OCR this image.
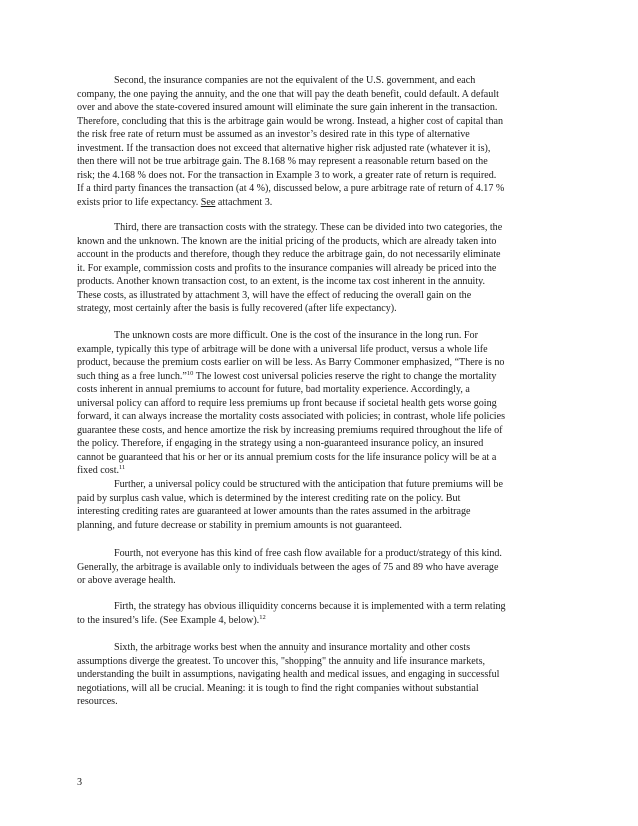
Second, the insurance companies are not the equivalent of the U.S. government, and each
company, the one paying the annuity, and the one that will pay the death benefit, could default. A default
over and above the state-covered insured amount will eliminate the sure gain inherent in the transaction.
Therefore, concluding that this is the arbitrage gain would be wrong. Instead, a higher cost of capital than
the risk free rate of return must be assumed as an investor’s desired rate in this type of alternative
investment. If the transaction does not exceed that alternative higher risk adjusted rate (whatever it is),
then there will not be true arbitrage gain. The 8.168 % may represent a reasonable return based on the
risk; the 4.168 % does not. For the transaction in Example 3 to work, a greater rate of return is required.
If a third party finances the transaction (at 4 %), discussed below, a pure arbitrage rate of return of 4.17 %
exists prior to life expectancy. See attachment 3.

Third, there are transaction costs with the strategy. These can be divided into two categories, the
known and the unknown. The known are the initial pricing of the products, which are already taken into
account in the products and therefore, though they reduce the arbitrage gain, do not necessarily eliminate
it. For example, commission costs and profits to the insurance companies will already be priced into the
products. Another known transaction cost, to an extent, is the income tax cost inherent in the annuity.
These costs, as illustrated by attachment 3, will have the effect of reducing the overall gain on the
strategy, most certainly after the basis is fully recovered (after life expectancy).

The unknown costs are more difficult. One is the cost of the insurance in the long run. For
example, typically this type of arbitrage will be done with a universal life product, versus a whole life
product, because the premium costs earlier on will be less. As Barry Commoner emphasized, “There is no
such thing as a free lunch.”$^{10}$ The lowest cost universal policies reserve the right to change the mortality
costs inherent in annual premiums to account for future, bad mortality experience. Accordingly, a
universal policy can afford to require less premiums up front because if societal health gets worse going
forward, it can always increase the mortality costs associated with policies; in contrast, whole life policies
guarantee these costs, and hence amortize the risk by increasing premiums required throughout the life of
the policy. Therefore, if engaging in the strategy using a non-guaranteed insurance policy, an insured
cannot be guaranteed that his or her or its annual premium costs for the life insurance policy will be at a
fixed cost.$^{11}$

Further, a universal policy could be structured with the anticipation that future premiums will be
paid by surplus cash value, which is determined by the interest crediting rate on the policy. But
interesting crediting rates are guaranteed at lower amounts than the rates assumed in the arbitrage
planning, and future decrease or stability in premium amounts is not guaranteed.

Fourth, not everyone has this kind of free cash flow available for a product/strategy of this kind.
Generally, the arbitrage is available only to individuals between the ages of 75 and 89 who have average
or above average health.

Firth, the strategy has obvious illiquidity concerns because it is implemented with a term relating
to the insured’s life. (See Example 4, below).$^{12}$

Sixth, the arbitrage works best when the annuity and insurance mortality and other costs
assumptions diverge the greatest. To uncover this, "shopping" the annuity and life insurance markets,
understanding the built in assumptions, navigating health and medical issues, and engaging in successful
negotiations, will all be crucial. Meaning: it is tough to find the right companies without substantial
resources.

3
